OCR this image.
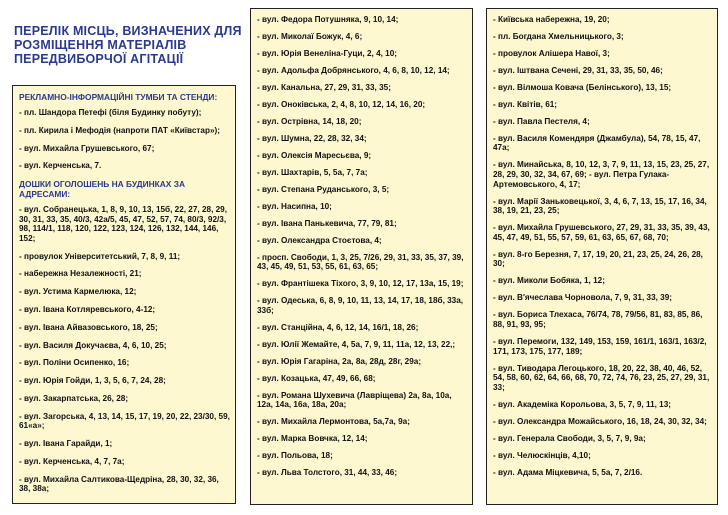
ПЕРЕЛІК МІСЦЬ, ВИЗНАЧЕНИХ ДЛЯ РОЗМІЩЕННЯ МАТЕРІАЛІВ ПЕРЕДВИБОРЧОЇ АГІТАЦІЇ
РЕКЛАМНО-ІНФОРМАЦІЙНІ ТУМБИ ТА СТЕНДИ:
- пл. Шандора Петефі (біля Будинку побуту);
- пл. Кирила і Мефодія (напроти ПАТ «Київстар»);
- вул. Михайла Грушевського, 67;
- вул. Керченська, 7.
ДОШКИ ОГОЛОШЕНЬ НА БУДИНКАХ ЗА АДРЕСАМИ:
- вул. Собранецька, 1, 8, 9, 10, 13, 15б, 22, 27, 28, 29, 30, 31, 33, 35, 40/3, 42а/5, 45, 47, 52, 57, 74, 80/3, 92/3, 98, 114/1, 118, 120, 122, 123, 124, 126, 132, 144, 146, 152;
- провулок Університетський, 7, 8, 9, 11;
- набережна Незалежності, 21;
- вул. Устима Кармелюка, 12;
- вул. Івана Котляревського, 4-12;
- вул. Івана Айвазовського, 18, 25;
- вул. Василя Докучаєва, 4, 6, 10, 25;
- вул. Поліни Осипенко, 16;
- вул. Юрія Гойди, 1, 3, 5, 6, 7, 24, 28;
- вул. Закарпатська, 26, 28;
- вул. Загорська, 4, 13, 14, 15, 17, 19, 20, 22, 23/30, 59, 61«а»;
- вул. Івана Гарайди, 1;
- вул. Керченська, 4, 7, 7а;
- вул. Михайла Салтикова-Щедріна, 28, 30, 32, 36, 38, 38а;
- вул. Федора Потушняка, 9, 10, 14;
- вул. Миколаї Божук, 4, 6;
- вул. Юрія Венеліна-Гуци, 2, 4, 10;
- вул. Адольфа Добрянського, 4, 6, 8, 10, 12, 14;
- вул. Канальна, 27, 29, 31, 33, 35;
- вул. Оноківська, 2, 4, 8, 10, 12, 14, 16, 20;
- вул. Острівна, 14, 18, 20;
- вул. Шумна, 22, 28, 32, 34;
- вул. Олексія Маресьєва, 9;
- вул. Шахтарів, 5, 5а, 7, 7а;
- вул. Степана Руданського, 3, 5;
- вул. Насипна, 10;
- вул. Івана Панькевича, 77, 79, 81;
- вул. Олександра Стоєтова, 4;
- просп. Свободи, 1, 3, 25, 7/26, 29, 31, 33, 35, 37, 39, 43, 45, 49, 51, 53, 55, 61, 63, 65;
- вул. Франтішека Тіхого, 3, 9, 10, 12, 17, 13а, 15, 19;
- вул. Одеська, 6, 8, 9, 10, 11, 13, 14, 17, 18, 18б, 33а, 33б;
- вул. Станційна, 4, 6, 12, 14, 16/1, 18, 26;
- вул. Юлії Жемайте, 4, 5а, 7, 9, 11, 11а, 12, 13, 22,;
- вул. Юрія Гагаріна, 2а, 8а, 28д, 28г, 29а;
- вул. Козацька, 47, 49, 66, 68;
- вул. Романа Шухевича (Лавріщева) 2а, 8а, 10а, 12а, 14а, 16а, 18а, 20а;
- вул. Михайла Лермонтова, 5а,7а, 9а;
- вул. Марка Вовчка, 12, 14;
- вул. Польова, 18;
- вул. Льва Толстого, 31, 44, 33, 46;
- Київська набережна, 19, 20;
- пл. Богдана Хмельницького, 3;
- провулок Алішера Навої, 3;
- вул. Іштвана Сечені, 29, 31, 33, 35, 50, 46;
- вул. Вілмоша Ковача (Белінського), 13, 15;
- вул. Квітів, 61;
- вул. Павла Пестеля, 4;
- вул. Василя Комендяря (Джамбула), 54, 78, 15, 47, 47а;
- вул. Минайська, 8, 10, 12, 3, 7, 9, 11, 13, 15, 23, 25, 27, 28, 29, 30, 32, 34, 67, 69; - вул. Петра Гулака-Артемовського, 4, 17;
- вул. Марії Заньковецької, 3, 4, 6, 7, 13, 15, 17, 16, 34, 38, 19, 21, 23, 25;
- вул. Михайла Грушевського, 27, 29, 31, 33, 35, 39, 43, 45, 47, 49, 51, 55, 57, 59, 61, 63, 65, 67, 68, 70;
- вул. 8-го Березня, 7, 17, 19, 20, 21, 23, 25, 24, 26, 28, 30;
- вул. Миколи Бобяка, 1, 12;
- вул. В'ячеслава Чорновола, 7, 9, 31, 33, 39;
- вул. Бориса Тлехаса, 76/74, 78, 79/56, 81, 83, 85, 86, 88, 91, 93, 95;
- вул. Перемоги, 132, 149, 153, 159, 161/1, 163/1, 163/2, 171, 173, 175, 177, 189;
- вул. Тиводара Легоцького, 18, 20, 22, 38, 40, 46, 52, 54, 58, 60, 62, 64, 66, 68, 70, 72, 74, 76, 23, 25, 27, 29, 31, 33;
- вул. Академіка Корольова, 3, 5, 7, 9, 11, 13;
- вул. Олександра Можайського, 16, 18, 24, 30, 32, 34;
- вул. Генерала Свободи, 3, 5, 7, 9, 9а;
- вул. Челюскінців, 4,10;
- вул. Адама Міцкевича, 5, 5а, 7, 2/16.
